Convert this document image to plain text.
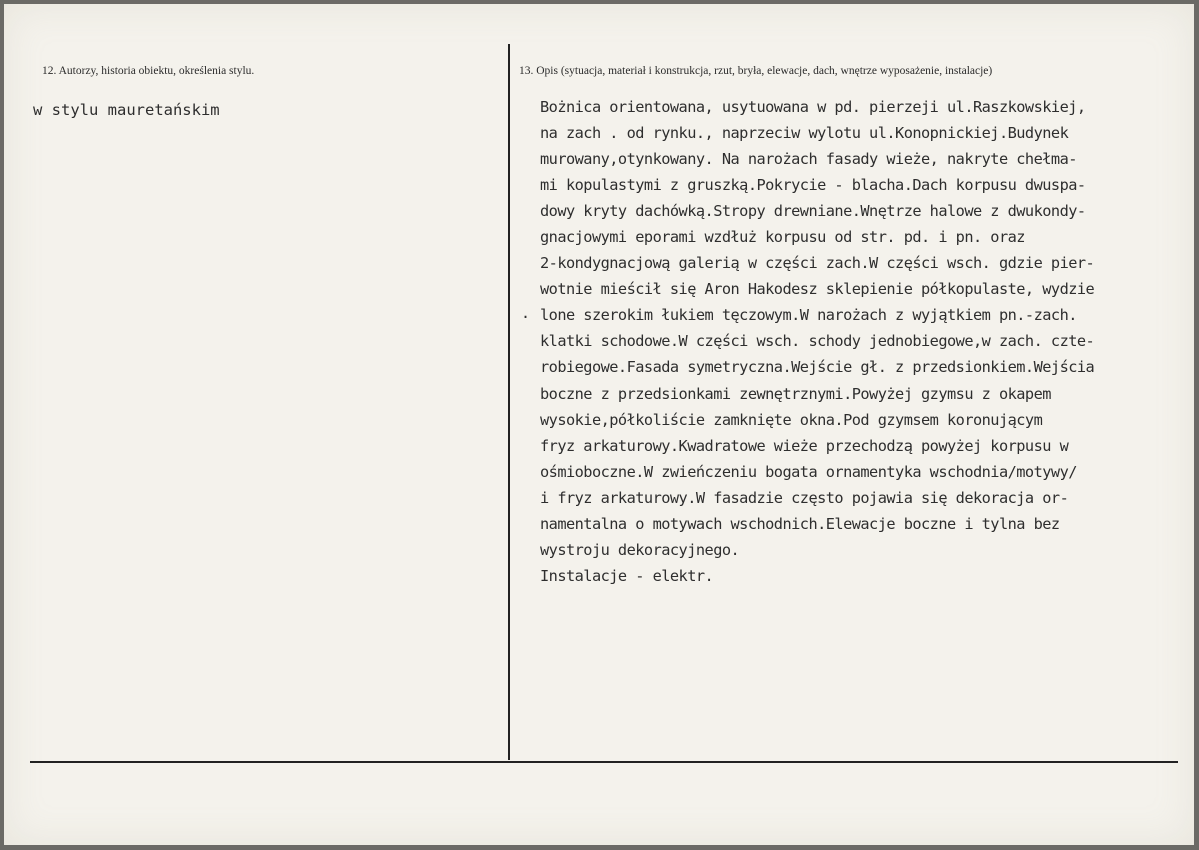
12. Autorzy, historia obiektu, określenia stylu.	13. Opis (sytuacja, materiał i konstrukcja, rzut, bryła, elewacje, dach, wnętrze wyposażenie, instalacje)
w stylu mauretańskim
.
Bożnica orientowana, usytuowana w pd. pierzeji ul.Raszkowskiej,
na zach . od rynku., naprzeciw wylotu ul.Konopnickiej.Budynek
murowany,otynkowany. Na narożach fasady wieże, nakryte chełma-
mi kopulastymi z gruszką.Pokrycie - blacha.Dach korpusu dwuspa-
dowy kryty dachówką.Stropy drewniane.Wnętrze halowe z dwukondy-
gnacjowymi eporami wzdłuż korpusu od str. pd. i pn. oraz
2-kondygnacjową galerią w części zach.W części wsch. gdzie pier-
wotnie mieścił się Aron Hakodesz sklepienie półkopulaste, wydzie
lone szerokim łukiem tęczowym.W narożach z wyjątkiem pn.-zach.
klatki schodowe.W części wsch. schody jednobiegowe,w zach. czte-
robiegowe.Fasada symetryczna.Wejście gł. z przedsionkiem.Wejścia
boczne z przedsionkami zewnętrznymi.Powyżej gzymsu z okapem
wysokie,półkoliście zamknięte okna.Pod gzymsem koronującym
fryz arkaturowy.Kwadratowe wieże przechodzą powyżej korpusu w
ośmioboczne.W zwieńczeniu bogata ornamentyka wschodnia/motywy/
i fryz arkaturowy.W fasadzie często pojawia się dekoracja or-
namentalna o motywach wschodnich.Elewacje boczne i tylna bez
wystroju dekoracyjnego.
Instalacje - elektr.
